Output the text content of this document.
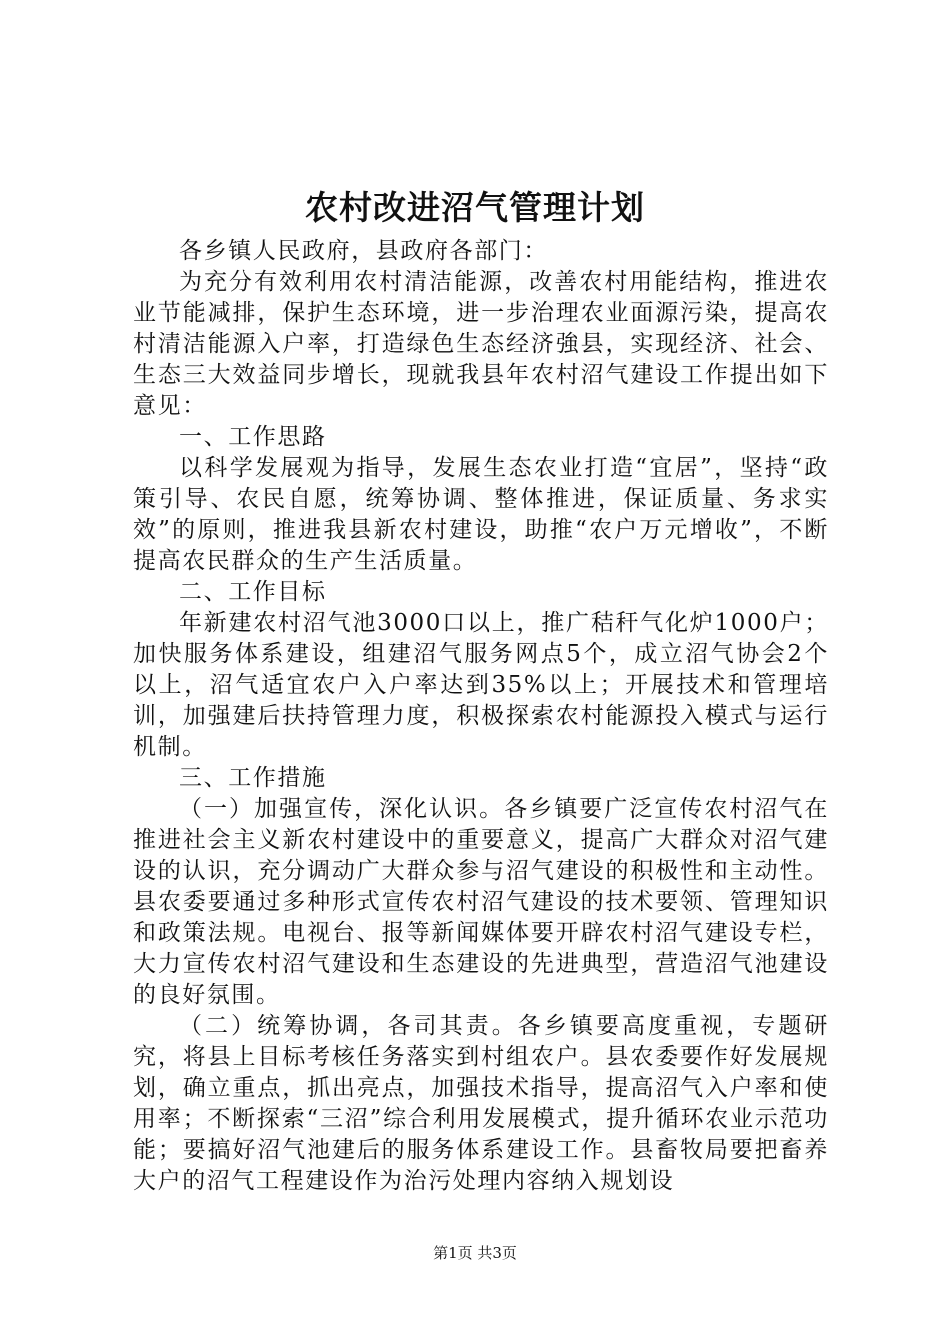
农村改进沼气管理计划

各乡镇人民政府，县政府各部门：

为充分有效利用农村清洁能源，改善农村用能结构，推进农业节能减排，保护生态环境，进一步治理农业面源污染，提高农村清洁能源入户率，打造绿色生态经济強县，实现经济、社会、生态三大效益同步增长，现就我县年农村沼气建设工作提出如下意见：

一、工作思路

以科学发展观为指导，发展生态农业打造“宜居”，坚持“政策引导、农民自愿，统筹协调、整体推进，保证质量、务求实效”的原则，推进我县新农村建设，助推“农户万元增收”，不断提高农民群众的生产生活质量。

二、工作目标

年新建农村沼气池3000口以上，推广秸秆气化炉1000户；加快服务体系建设，组建沼气服务网点5个，成立沼气协会2个以上，沼气适宜农户入户率达到35%以上；开展技术和管理培训，加强建后扶持管理力度，积极探索农村能源投入模式与运行机制。

三、工作措施

（一）加强宣传，深化认识。各乡镇要广泛宣传农村沼气在推进社会主义新农村建设中的重要意义，提高广大群众对沼气建设的认识，充分调动广大群众参与沼气建设的积极性和主动性。县农委要通过多种形式宣传农村沼气建设的技术要领、管理知识和政策法规。电视台、报等新闻媒体要开辟农村沼气建设专栏，大力宣传农村沼气建设和生态建设的先进典型，营造沼气池建设的良好氛围。

（二）统筹协调，各司其责。各乡镇要高度重视，专题研究，将县上目标考核任务落实到村组农户。县农委要作好发展规划，确立重点，抓出亮点，加强技术指导，提高沼气入户率和使用率；不断探索“三沼”综合利用发展模式，提升循环农业示范功能；要搞好沼气池建后的服务体系建设工作。县畜牧局要把畜养大户的沼气工程建设作为治污处理内容纳入规划设

第1页 共3页
